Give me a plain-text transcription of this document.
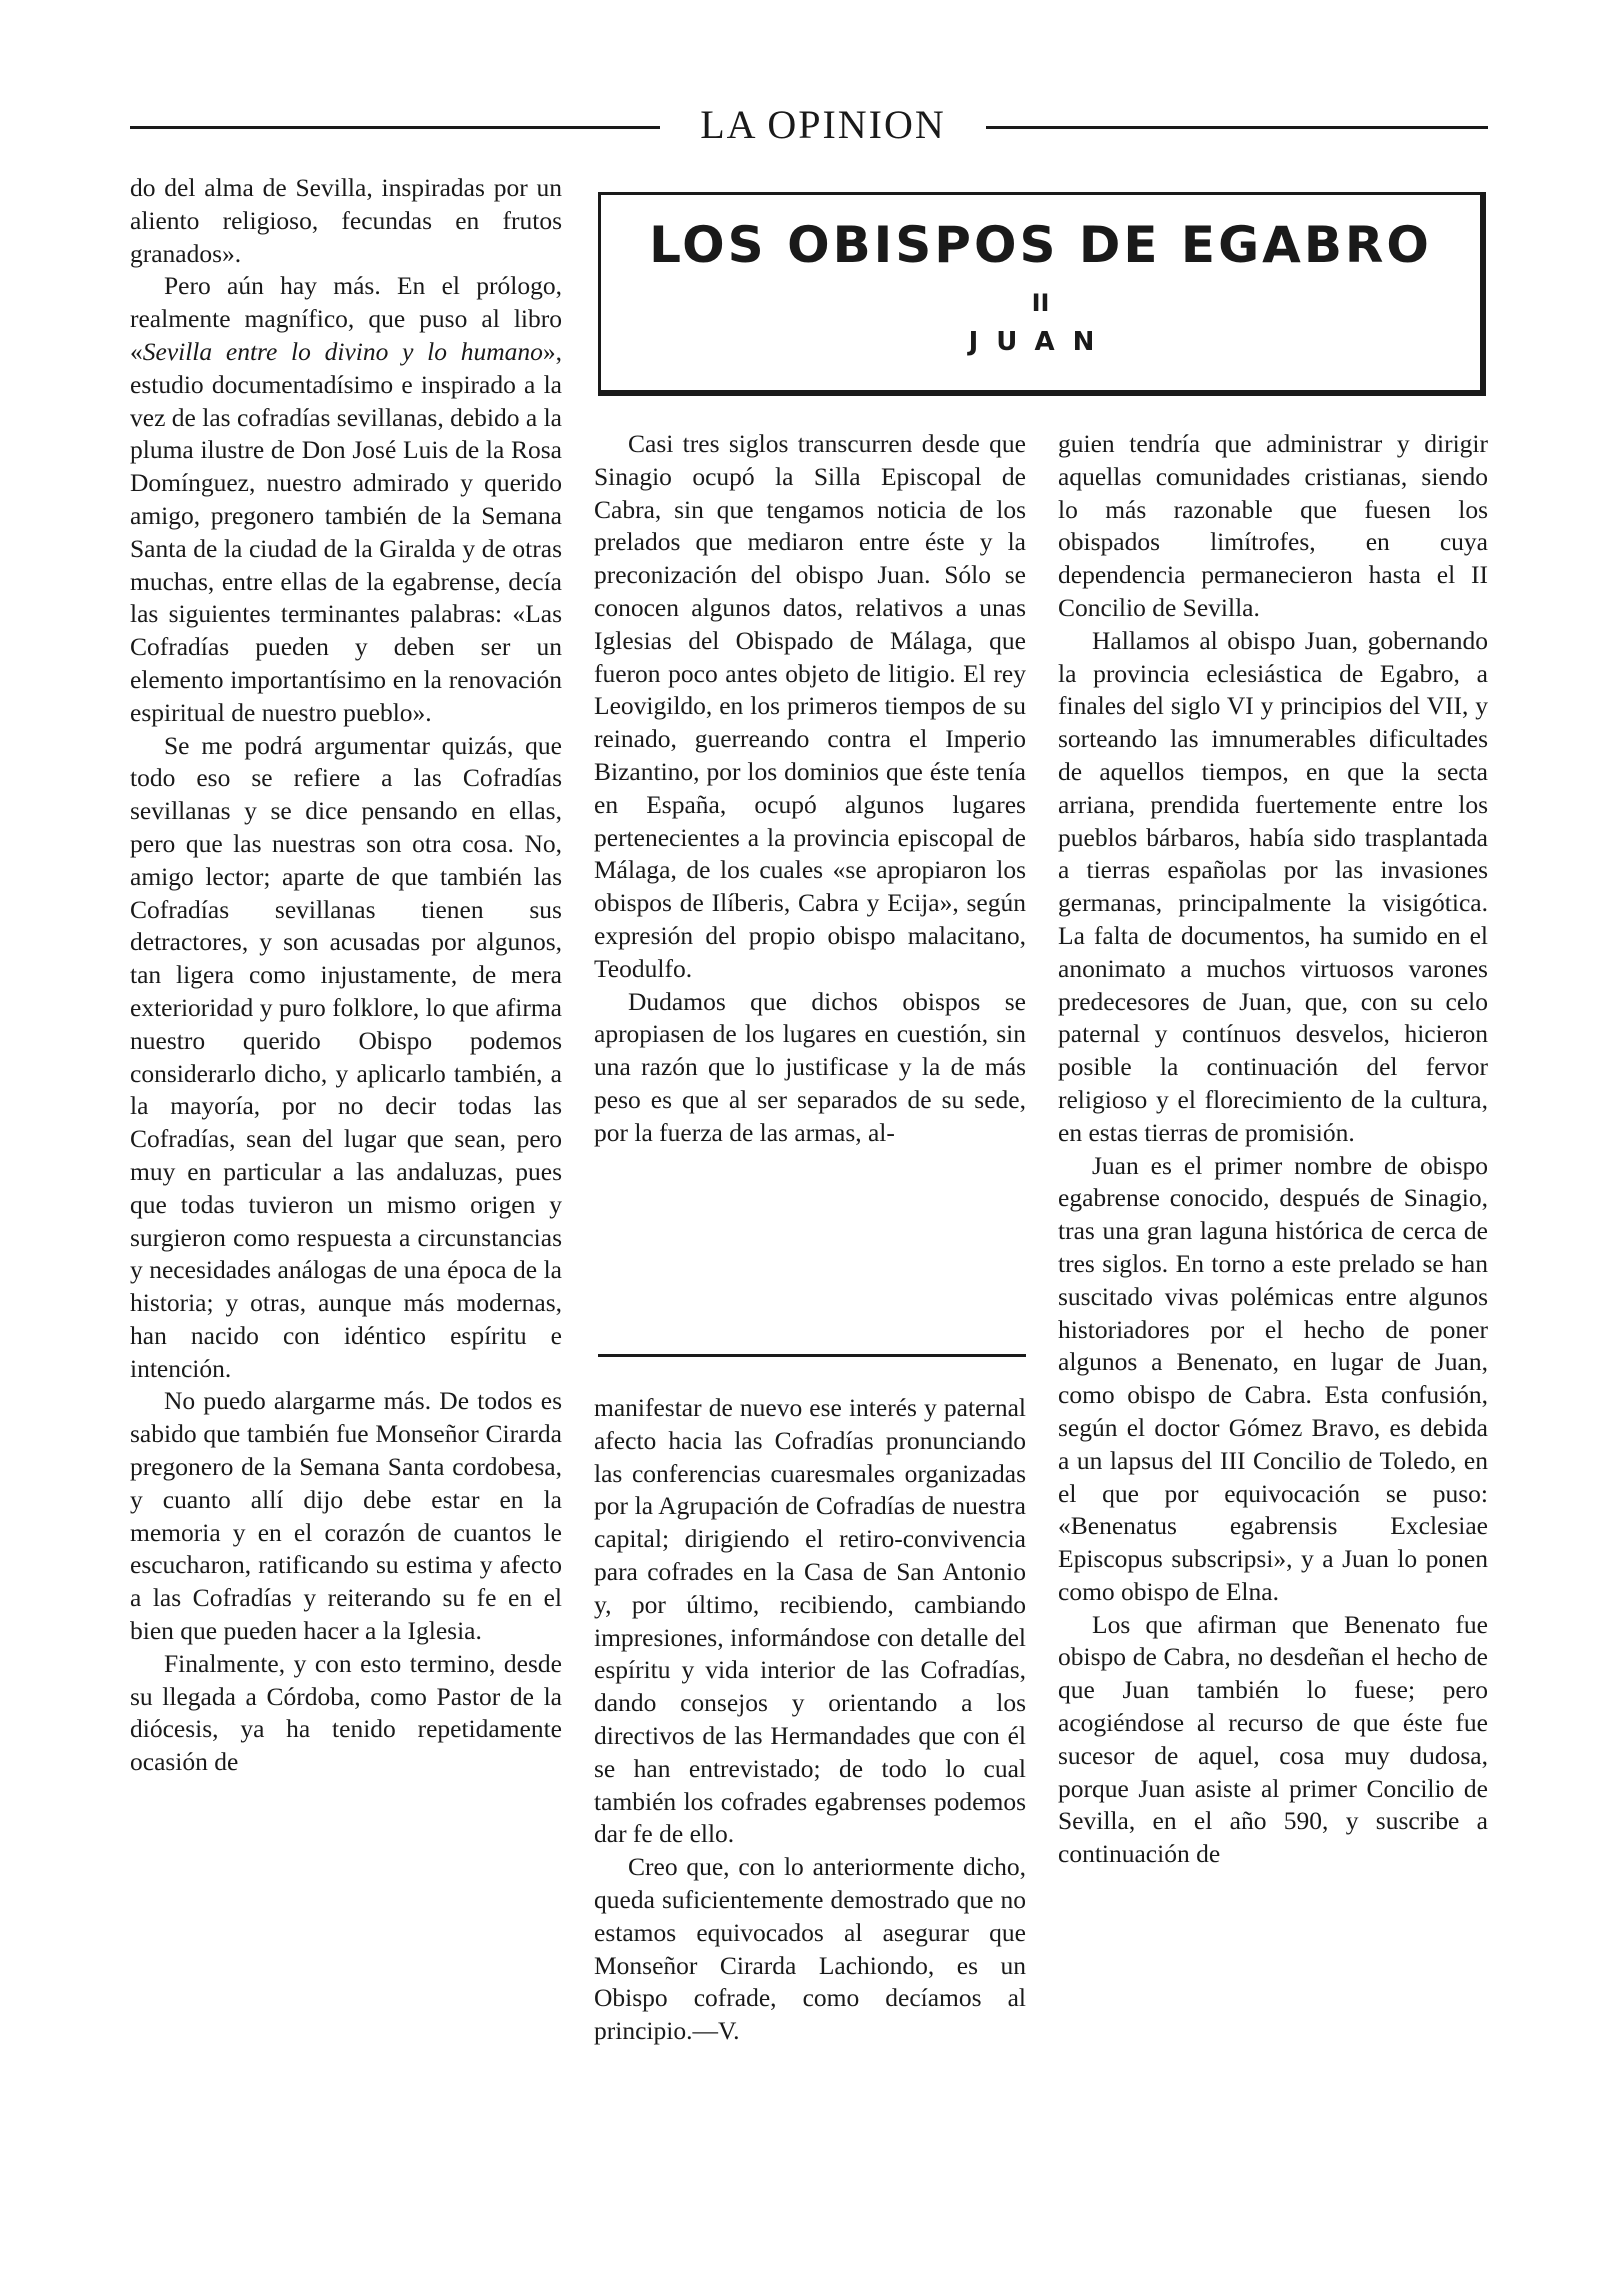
LA OPINION

do del alma de Sevilla, inspiradas por un aliento religioso, fecundas en frutos granados».

Pero aún hay más. En el prólogo, realmente magnífico, que puso al libro «Sevilla entre lo divino y lo humano», estudio documentadísimo e inspirado a la vez de las cofradías sevillanas, debido a la pluma ilustre de Don José Luis de la Rosa Domínguez, nuestro admirado y querido amigo, pregonero también de la Semana Santa de la ciudad de la Giralda y de otras muchas, entre ellas de la egabrense, decía las siguientes terminantes palabras: «Las Cofradías pueden y deben ser un elemento importantísimo en la renovación espiritual de nuestro pueblo».

Se me podrá argumentar quizás, que todo eso se refiere a las Cofradías sevillanas y se dice pensando en ellas, pero que las nuestras son otra cosa. No, amigo lector; aparte de que también las Cofradías sevillanas tienen sus detractores, y son acusadas por algunos, tan ligera como injustamente, de mera exterioridad y puro folklore, lo que afirma nuestro querido Obispo podemos considerarlo dicho, y aplicarlo también, a la mayoría, por no decir todas las Cofradías, sean del lugar que sean, pero muy en particular a las andaluzas, pues que todas tuvieron un mismo origen y surgieron como respuesta a circunstancias y necesidades análogas de una época de la historia; y otras, aunque más modernas, han nacido con idéntico espíritu e intención.

No puedo alargarme más. De todos es sabido que también fue Monseñor Cirarda pregonero de la Semana Santa cordobesa, y cuanto allí dijo debe estar en la memoria y en el corazón de cuantos le escucharon, ratificando su estima y afecto a las Cofradías y reiterando su fe en el bien que pueden hacer a la Iglesia.

Finalmente, y con esto termino, desde su llegada a Córdoba, como Pastor de la diócesis, ya ha tenido repetidamente ocasión de

LOS OBISPOS DE EGABRO
II
JUAN

Casi tres siglos transcurren desde que Sinagio ocupó la Silla Episcopal de Cabra, sin que tengamos noticia de los prelados que mediaron entre éste y la preconización del obispo Juan. Sólo se conocen algunos datos, relativos a unas Iglesias del Obispado de Málaga, que fueron poco antes objeto de litigio. El rey Leovigildo, en los primeros tiempos de su reinado, guerreando contra el Imperio Bizantino, por los dominios que éste tenía en España, ocupó algunos lugares pertenecientes a la provincia episcopal de Málaga, de los cuales «se apropiaron los obispos de Ilíberis, Cabra y Ecija», según expresión del propio obispo malacitano, Teodulfo.

Dudamos que dichos obispos se apropiasen de los lugares en cuestión, sin una razón que lo justificase y la de más peso es que al ser separados de su sede, por la fuerza de las armas, al-

manifestar de nuevo ese interés y paternal afecto hacia las Cofradías pronunciando las conferencias cuaresmales organizadas por la Agrupación de Cofradías de nuestra capital; dirigiendo el retiro-convivencia para cofrades en la Casa de San Antonio y, por último, recibiendo, cambiando impresiones, informándose con detalle del espíritu y vida interior de las Cofradías, dando consejos y orientando a los directivos de las Hermandades que con él se han entrevistado; de todo lo cual también los cofrades egabrenses podemos dar fe de ello.

Creo que, con lo anteriormente dicho, queda suficientemente demostrado que no estamos equivocados al asegurar que Monseñor Cirarda Lachiondo, es un Obispo cofrade, como decíamos al principio.—V.

guien tendría que administrar y dirigir aquellas comunidades cristianas, siendo lo más razonable que fuesen los obispados limítrofes, en cuya dependencia permanecieron hasta el II Concilio de Sevilla.

Hallamos al obispo Juan, gobernando la provincia eclesiástica de Egabro, a finales del siglo VI y principios del VII, y sorteando las imnumerables dificultades de aquellos tiempos, en que la secta arriana, prendida fuertemente entre los pueblos bárbaros, había sido trasplantada a tierras españolas por las invasiones germanas, principalmente la visigótica. La falta de documentos, ha sumido en el anonimato a muchos virtuosos varones predecesores de Juan, que, con su celo paternal y contínuos desvelos, hicieron posible la continuación del fervor religioso y el florecimiento de la cultura, en estas tierras de promisión.

Juan es el primer nombre de obispo egabrense conocido, después de Sinagio, tras una gran laguna histórica de cerca de tres siglos. En torno a este prelado se han suscitado vivas polémicas entre algunos historiadores por el hecho de poner algunos a Benenato, en lugar de Juan, como obispo de Cabra. Esta confusión, según el doctor Gómez Bravo, es debida a un lapsus del III Concilio de Toledo, en el que por equivocación se puso: «Benenatus egabrensis Exclesiae Episcopus subscripsi», y a Juan lo ponen como obispo de Elna.

Los que afirman que Benenato fue obispo de Cabra, no desdeñan el hecho de que Juan también lo fuese; pero acogiéndose al recurso de que éste fue sucesor de aquel, cosa muy dudosa, porque Juan asiste al primer Concilio de Sevilla, en el año 590, y suscribe a continuación de
